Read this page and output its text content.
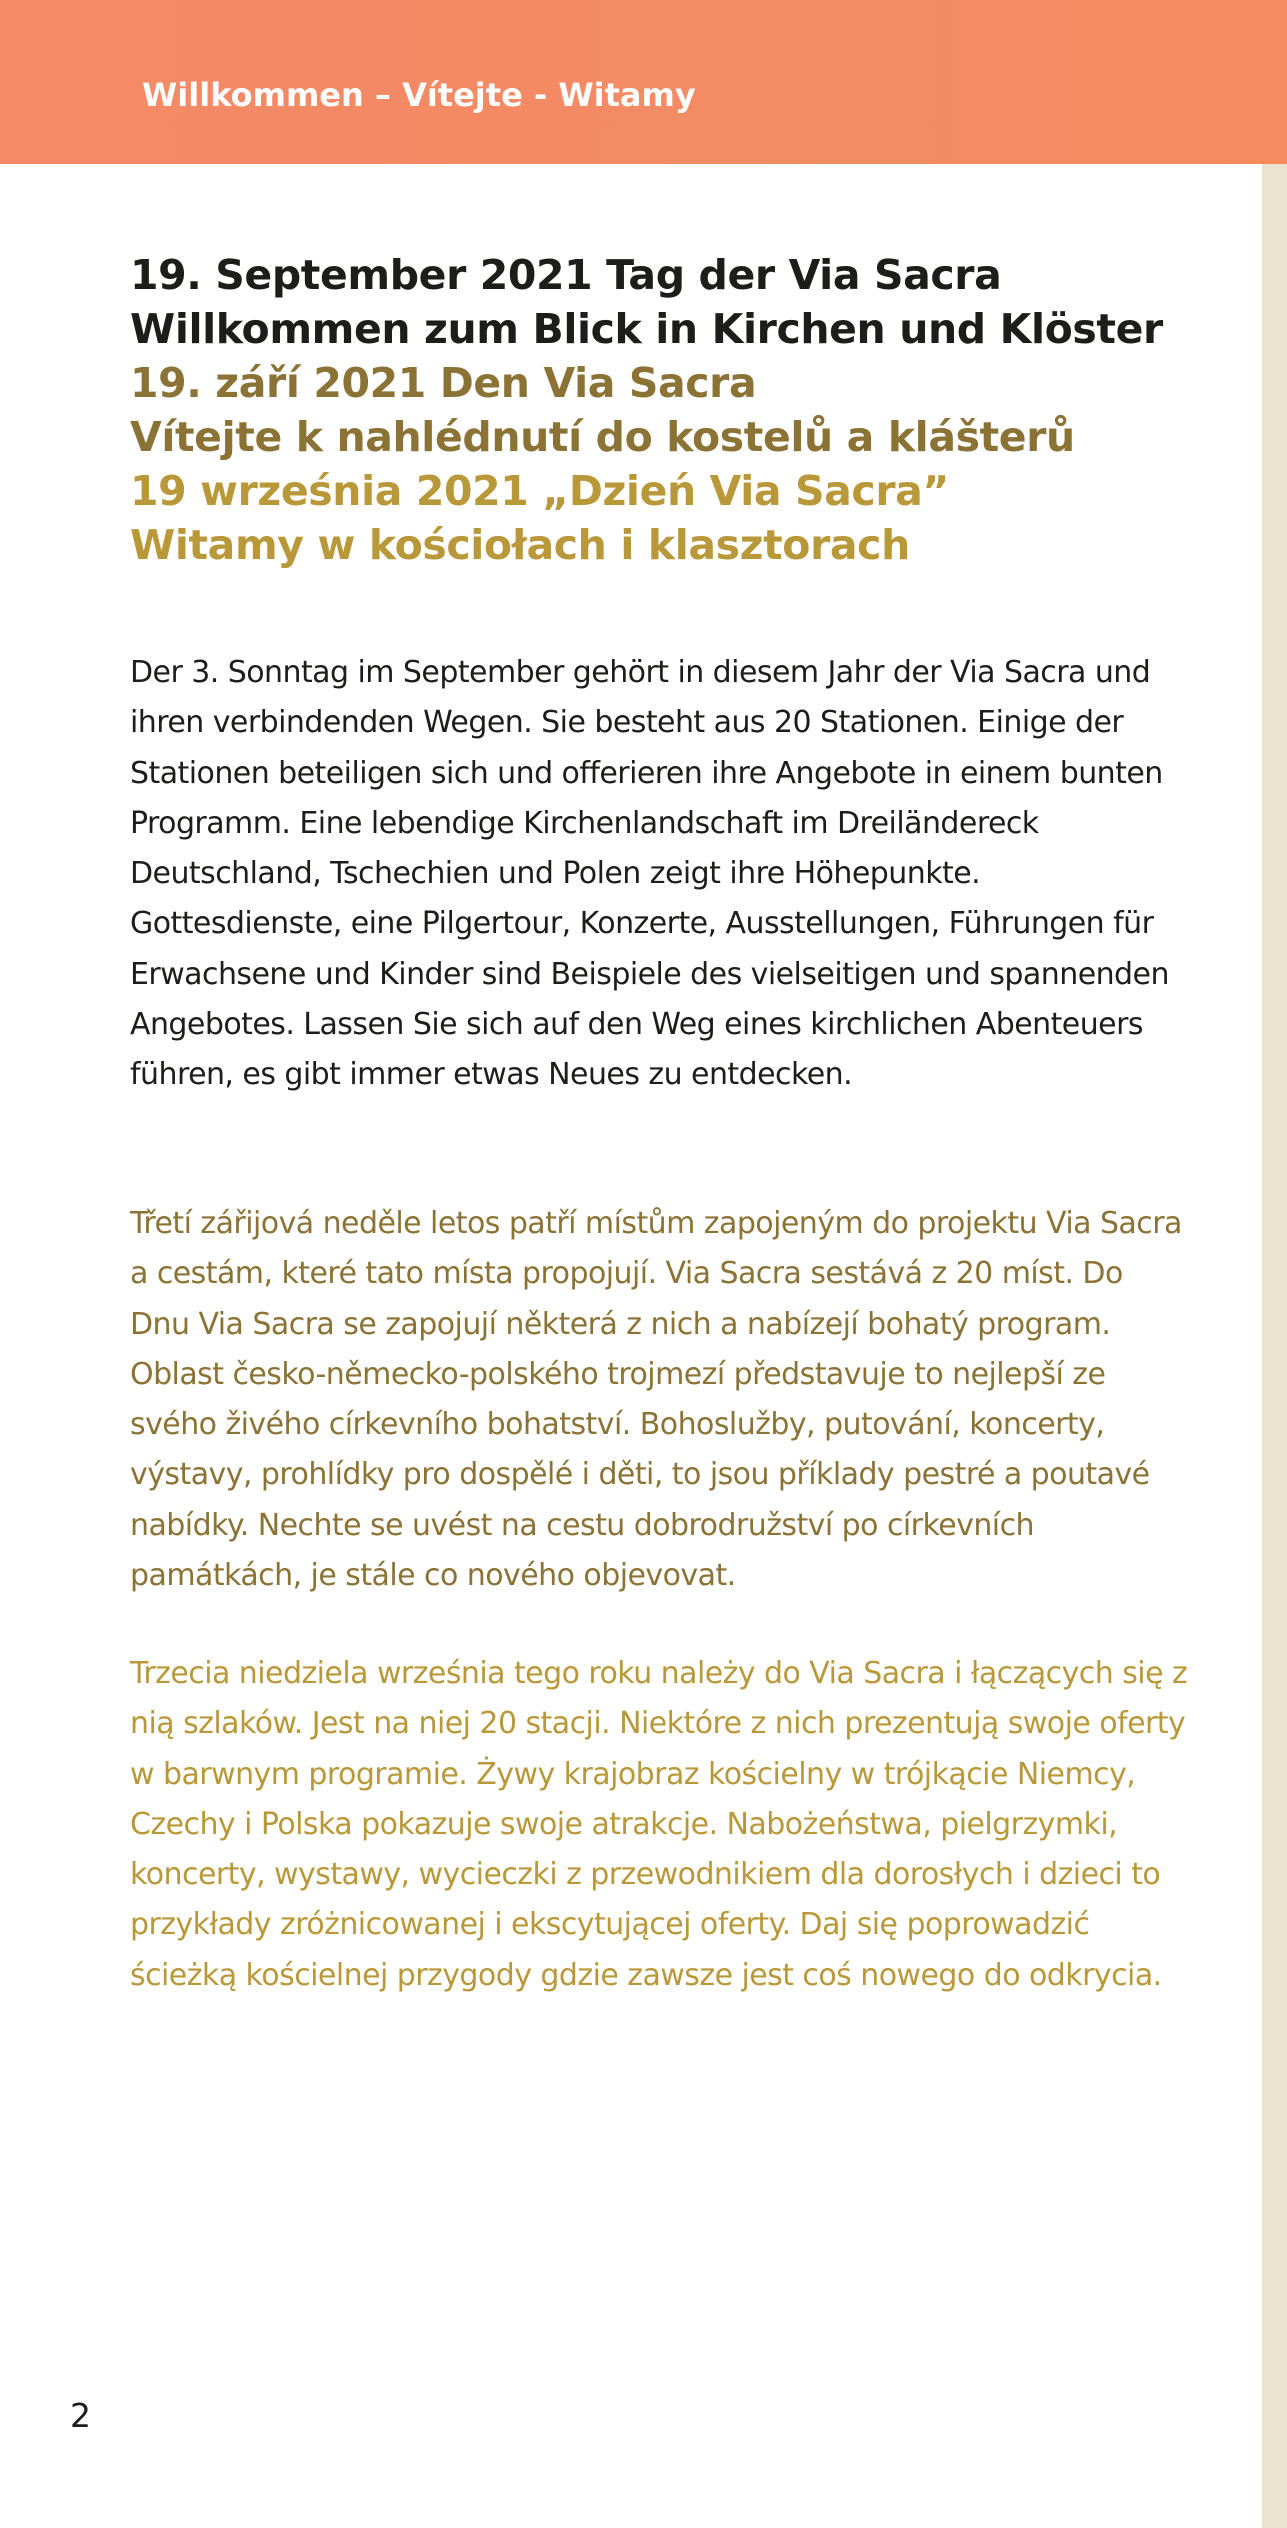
Willkommen – Vítejte - Witamy
19. September 2021 Tag der Via Sacra
Willkommen zum Blick in Kirchen und Klöster
19. září 2021 Den Via Sacra
Vítejte k nahlédnutí do kostelů a klášterů
19 września 2021 „Dzień Via Sacra”
Witamy w kościołach i klasztorach

Der 3. Sonntag im September gehört in diesem Jahr der Via Sacra und ihren verbindenden Wegen. Sie besteht aus 20 Stationen. Einige der Stationen beteiligen sich und offerieren ihre Angebote in einem bunten Programm. Eine lebendige Kirchenlandschaft im Dreiländereck Deutschland, Tschechien und Polen zeigt ihre Höhepunkte. Gottesdienste, eine Pilgertour, Konzerte, Ausstellungen, Führungen für Erwachsene und Kinder sind Beispiele des vielseitigen und spannenden Angebotes. Lassen Sie sich auf den Weg eines kirchlichen Abenteuers führen, es gibt immer etwas Neues zu entdecken.

Třetí zářijová neděle letos patří místům zapojeným do projektu Via Sacra a cestám, které tato místa propojují. Via Sacra sestává z 20 míst. Do Dnu Via Sacra se zapojují některá z nich a nabízejí bohatý program. Oblast česko-německo-polského trojmezí představuje to nejlepší ze svého živého církevního bohatství. Bohoslužby, putování, koncerty, výstavy, prohlídky pro dospělé i děti, to jsou příklady pestré a poutavé nabídky. Nechte se uvést na cestu dobrodružství po církevních památkách, je stále co nového objevovat.

Trzecia niedziela września tego roku należy do Via Sacra i łączących się z nią szlaków. Jest na niej 20 stacji. Niektóre z nich prezentują swoje oferty w barwnym programie. Żywy krajobraz kościelny w trójkącie Niemcy, Czechy i Polska pokazuje swoje atrakcje. Nabożeństwa, pielgrzymki, koncerty, wystawy, wycieczki z przewodnikiem dla dorosłych i dzieci to przykłady zróżnicowanej i ekscytującej oferty. Daj się poprowadzić ścieżką kościelnej przygody gdzie zawsze jest coś nowego do odkrycia.

2
